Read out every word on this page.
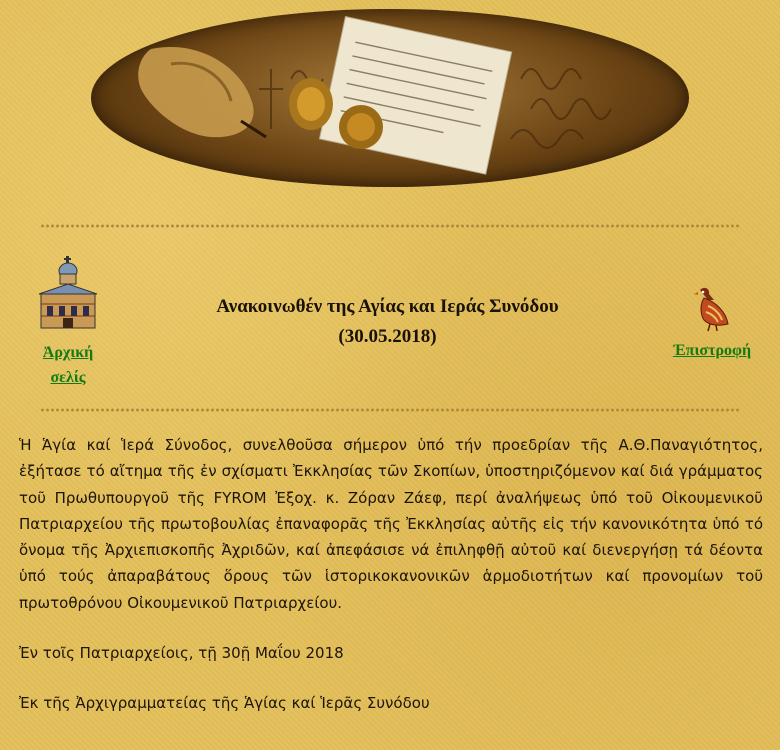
Ἀρχική σελίς
Ανακοινωθέν της Αγίας και Ιεράς Συνόδου
(30.05.2018)
Ἐπιστροφή

Ἡ Ἁγία καί Ἱερά Σύνοδος, συνελθοῦσα σήμερον ὑπό τήν προεδρίαν τῆς Α.Θ.Παναγιότητος, ἐξήτασε τό αἴτημα τῆς ἐν σχίσματι Ἐκκλησίας τῶν Σκοπίων, ὑποστηριζόμενον καί διά γράμματος τοῦ Πρωθυπουργοῦ τῆς FYROM Ἐξοχ. κ. Ζόραν Ζάεφ, περί ἀναλήψεως ὑπό τοῦ Οἰκουμενικοῦ Πατριαρχείου τῆς πρωτοβουλίας ἐπαναφορᾶς τῆς Ἐκκλησίας αὐτῆς εἰς τήν κανονικότητα ὑπό τό ὄνομα τῆς Ἀρχιεπισκοπῆς Ἀχριδῶν, καί ἀπεφάσισε νά ἐπιληφθῇ αὐτοῦ καί διενεργήσῃ τά δέοντα ὑπό τούς ἀπαραβάτους ὅρους τῶν ἱστορικοκανονικῶν ἁρμοδιοτήτων καί προνομίων τοῦ πρωτοθρόνου Οἰκουμενικοῦ Πατριαρχείου.

Ἐν τοῖς Πατριαρχείοις, τῇ 30ῇ Μαΐου 2018

Ἐκ τῆς Ἀρχιγραμματείας τῆς Ἁγίας καί Ἱερᾶς Συνόδου
